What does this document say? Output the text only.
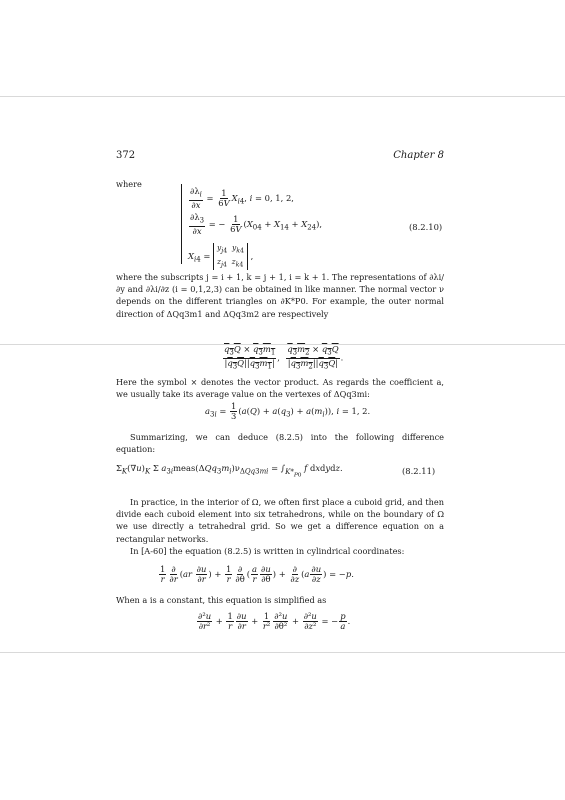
372	Chapter 8
where
$\frac{\partial\lambda_i}{\partial x} = \frac{1}{6V} X_{i4}$, i = 0, 1, 2,
$\frac{\partial\lambda_3}{\partial x}$ = − $\frac{1}{6V} (X_{04} + X_{14} + X_{24})$,
$X_{i4} = y_{j4}$ $y_{k4}$
$z_{j4}$ $z_{k4}$ ,
(8.2.10)
where the subscripts j = i + 1, k = j + 1, i = k + 1. The representations of ∂λi/∂y and ∂λi/∂z (i = 0,1,2,3) can be obtained in like manner. The normal vector ν depends on the different triangles on ∂K*P0. For example, the outer normal direction of ΔQq3m1 and ΔQq3m2 are respectively
$\frac{q_3Q \times q_3m_1}{|q_3Q||q_3m_1|}$ , $\frac{q_3m_2 \times q_3Q}{|q_3m_2||q_3Q|}$ .
Here the symbol × denotes the vector product. As regards the coefficient a, we usually take its average value on the vertexes of ΔQq3mi:
$a_{3i} = \frac{1}{3} (a(Q) + a(q_3) + a(m_i))$, i = 1, 2.
Summarizing, we can deduce (8.2.5) into the following difference equation:
$\Sigma_K(\nabla u)_K$ Σ $a_{3i}meas(\Delta Qq_3m_i)\nu_{\Delta Qq3mi} = \int_{K*_{P0}}$ f dxdydz.	(8.2.11)
In practice, in the interior of Ω, we often first place a cuboid grid, and then divide each cuboid element into six tetrahedrons, while on the boundary of Ω we use directly a tetrahedral grid. So we get a difference equation on a rectangular networks.
In [A-60] the equation (8.2.5) is written in cylindrical coordinates:
$\frac{1}{r} \frac{\partial}{\partial r} (ar \frac{\partial u}{\partial r}$ ) + $\frac{1}{r} \frac{\partial}{\partial\theta}$ ( $\frac{a}{r} \frac{\partial u}{\partial\theta}$ ) + $\frac{\partial}{\partial z} (a \frac{\partial u}{\partial z}$ ) = −p.
When a is a constant, this equation is simplified as
$\frac{\text{∂²u}}{\text{∂r²}} + \frac{1}{r} \frac{\partial u}{\partial r} + \frac{1}{\text{r²}} \frac{\text{∂²u}}{\text{∂θ²}} + \frac{\text{∂²u}}{\text{∂z²}}$ = − $\frac{p}{a}$ .
